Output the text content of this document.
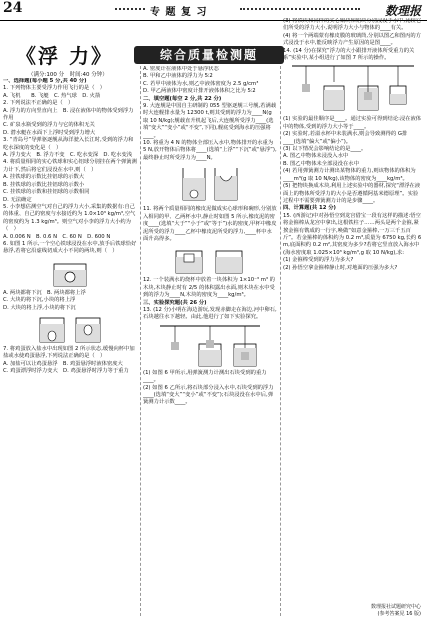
24	专 题 复 习	数理报
《浮 力》	综合质量检测题
（满分:100 分　时间:40 分钟）

一、选择题(每小题 5 分,共 40 分)

1. 下列物体主要受浮力作用飞行的是（　）

A. 飞机　　B. 飞艇　C. 热气球　D. 火箭

2. 下列说法不正确的是（　）

A. 浮力的方向竖直向上　B. 浸在液体中的物体受到浮力作用

C. 矿泉水瓶受到的浮力与它的体积无关

D. 潜水艇在水面下上浮时受到浮力增大

3. “青岛号”导弹驱逐舰从海洋驶入长江时,受到的浮力和吃水深度的变化是（　）

A. 浮力变大　B. 浮力不变　C. 吃水变深　D. 吃水变浅

4. 将质量相同的实心铁球和实心铝球分别挂在两个弹簧测力计下,然后将它们浸没在水中,则（　）

A. 挂铁球的示数比挂铝球的示数大

B. 挂铁球的示数比挂铝球的示数小

C. 挂铁球的示数和挂铝球的示数相同

D. 无法确定

5. 小李想估测空气对自己的浮力大小,采集的数据有:自己的体重、自己的密度与水接近约为 1.0×10³ kg/m³,空气的密度约为 1.3 kg/m³。则空气对小李的浮力大小约为（　）

A. 0.006 N　B. 0.6 N　C. 60 N　D. 600 N

6. 如图 1 所示,一个空心铁球浸没在水中,放手后铁球恰好悬浮,若将它沿虚线切成大小不同的两块,则（　）

A. 两块都将下沉　B. 两块都将上浮

C. 大块的将下沉,小块的将上浮

D. 大块的将上浮,小块的将下沉

7. 将鸡蛋放入盐水中出现如图 2 所示状态,缓慢向杯中加盐或水使鸡蛋悬浮,下列说法正确的是（　）

A. 加盐可以让鸡蛋悬浮　B. 鸡蛋悬浮时液体密度大

C. 鸡蛋漂浮时浮力变大　D. 鸡蛋悬浮时浮力等于重力

A. 密度计在液体中处于悬浮状态

B. 甲和乙中液体的浮力为 5∶2

C. 若甲中液体为水,则乙中液体密度为 2.5 g/cm³

D. 甲乙两液体中密度计排开液体体积之比为 5∶2

二、填空题(每空 2 分,共 22 分)

9. 大连舰是中国自主研制的 055 型驱逐舰三号舰,若满载时大连舰排水量为 12300 t,则其受到的浮力为____N(g 取 10 N/kg);舰载直升机起飞后,大连舰所受浮力____(选填“变大”“变小”或“不变”,下同),舰底受到海水的压强将____。

10. 将重为 4 N 的物体全部压入水中,物体排开的水重为 5 N,放开物体后物体将____(选填“上浮”“下沉”或“悬浮”),最终静止时所受浮力为____N。

11. 将两个质量相同的橡皮泥做成实心球形和碗形,分别放入相同的甲、乙两杯水中,静止时如图 5 所示,橡皮泥的密度____(选填“大于”“小于”或“等于”)水的密度,甲杯中橡皮泥所受的浮力____乙杯中橡皮泥所受的浮力,____杯中水面升高得多。

12. 一个装满水的烧杯中放着一块体积为 1×10⁻³ m³ 的木块,木块静止时有 2/5 的体积露出水面,则木块在水中受到的浮力为____N,木块的密度为____kg/m³。

三、实验探究题(共 26 分)

13. (12 分)小明在海边游玩,发现赤脚走在海边,河中卵石,石块越往水下越轻。由此,他进行了如下实验探究。

(1) 如图 6 甲所示,用弹簧测力计测出石块受到的重力____。

(2) 如图 6 乙所示,将石块部分浸入水中,石块受到的浮力____(选填“变大”“变小”或“不变”);石块浸没在水中后,弹簧测力计示数____。

(3) 将铁块和同样的实心铜块和铝块分别浸没于水中,比较它们所受的浮力大小,说明浮力大小与物体的____有关。

(4) 将一个两端蒙有橡皮膜的玻璃筒,分别以图乙和图丙的方式浸没于水中,能反映浮力产生原因的是图____。

14. (14 分)在探究“浮力的大小跟排开液体所受重力的关系”实验中,某小组进行了如图 7 所示的操作。

(1) 实验的最佳顺序是____。通过实验可得到结论:浸在液体中的物体,受到的浮力大小等于____。

(2) 实验时,若溢水杯中未装满水,则会导致测得的 G排____(选填“偏大”或“偏小”)。

(3) 以下情况会影响结论的是____。

A. 图乙中物体未浸没入水中

B. 图乙中物体未全部浸没在水中

(4) 若用弹簧测力计测出某物体的重力,则该物体的体积为____m³(g 取 10 N/kg),该物体的密度为____kg/m³。

(5) 把物块换成木块,利用上述实验中的器材,探究“漂浮在液面上的物体所受浮力的大小是否遵循阿基米德原理”。实验过程中不需要弹簧测力计的是步骤____。

四、计算题(共 12 分)

15. (西游记)中对孙悟空到龙宫借宝一段有这样的描述:悟空将金箍棒从龙宫中拿出,这根铁柱子……两头是两个金箍,紧挨金箍有镌成的一行字,唤做“如意金箍棒,一万三千五百斤”。若金箍棒的体积约为 0.2 m³,质量为 6750 kg,长约 6 m,底面积约 0.2 m²,其密度为多少?若将它竖直放入海水中(海水密度取 1.025×10³ kg/m³,g 取 10 N/kg),求:

(1) 金箍棒受到的浮力为多大?

(2) 孙悟空拿金箍棒静止时,对地面的压强为多大?

数理报社试题研究中心
(参考答案见 16 版)
